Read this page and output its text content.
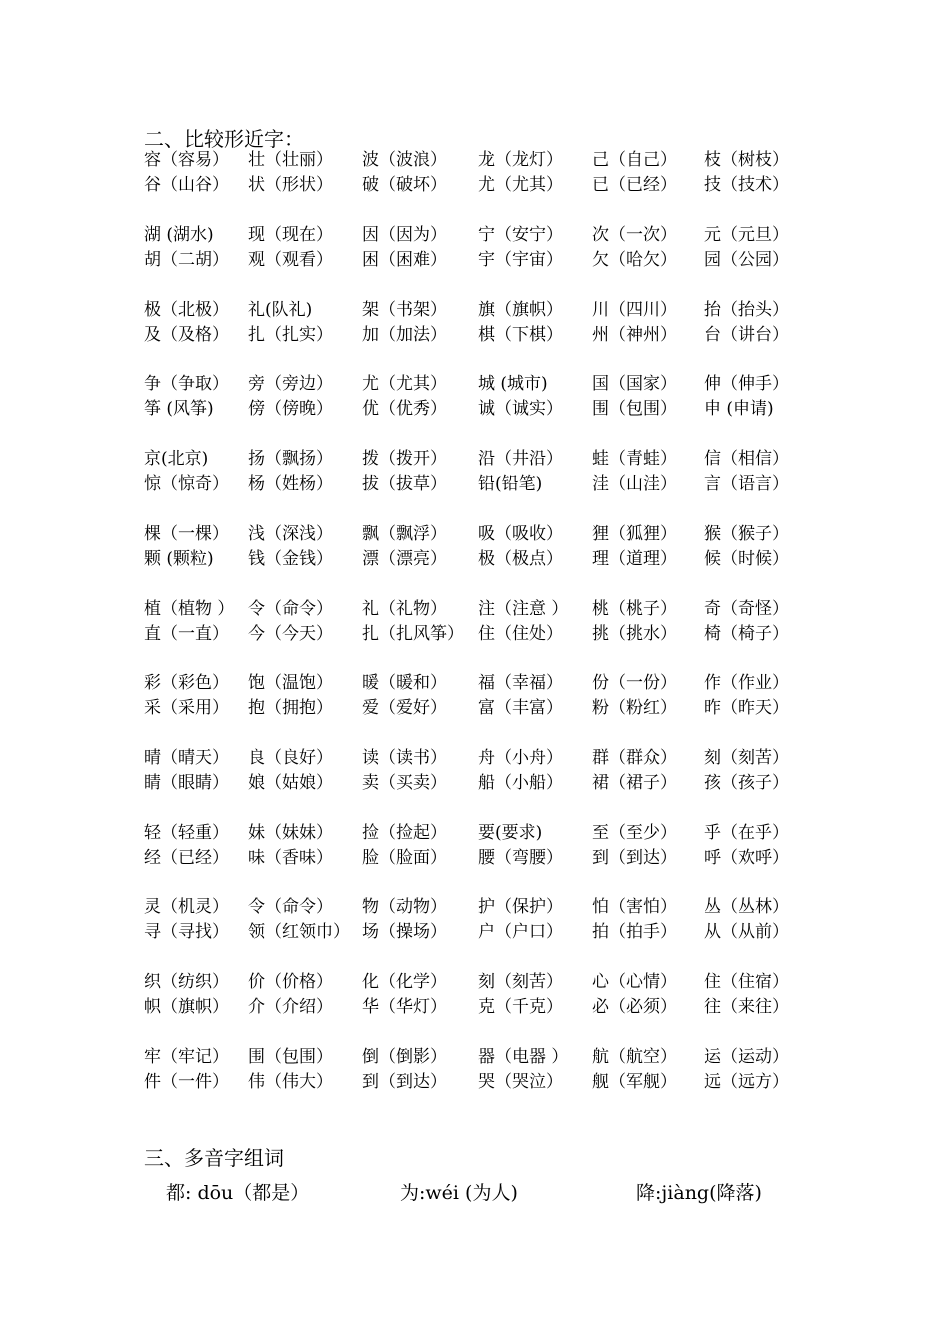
二、比较形近字：
容（容易） 壮（壮丽） 波（波浪） 龙（龙灯） 己（自己） 枝（树枝）
谷（山谷） 状（形状） 破（破坏） 尤（尤其） 已（已经） 技（技术）
湖 (湖水) 现（现在） 因（因为） 宁（安宁） 次（一次） 元（元旦）
胡（二胡） 观（观看） 困（困难） 宇（宇宙） 欠（哈欠） 园（公园）
极（北极） 礼(队礼)	架（书架） 旗（旗帜） 川（四川） 抬（抬头）
及（及格） 扎（扎实） 加（加法） 棋（下棋） 州（神州） 台（讲台）
争（争取） 旁（旁边） 尤（尤其） 城 (城市)	国（国家） 伸（伸手）
筝 (风筝) 傍（傍晚） 优（优秀） 诚（诚实） 围（包围） 申 (申请)
京(北京) 扬（飘扬） 拨（拨开） 沿（井沿） 蛙（青蛙） 信（相信）
惊（惊奇） 杨（姓杨） 拔（拔草） 铅(铅笔)	洼（山洼） 言（语言）
棵（一棵） 浅（深浅） 飘（飘浮） 吸（吸收） 狸（狐狸） 猴（猴子）
颗 (颗粒) 钱（金钱） 漂（漂亮） 极（极点） 理（道理） 候（时候）
植（植物 ） 令（命令） 礼（礼物） 注（注意 ） 桃（桃子） 奇（奇怪）
直（一直） 今（今天） 扎（扎风筝） 住（住处） 挑（挑水） 椅（椅子）
彩（彩色） 饱（温饱） 暖（暖和） 福（幸福） 份（一份） 作（作业）
采（采用） 抱（拥抱） 爱（爱好） 富（丰富） 粉（粉红） 昨（昨天）
晴（晴天） 良（良好） 读（读书） 舟（小舟） 群（群众） 刻（刻苦）
睛（眼睛） 娘（姑娘） 卖（买卖） 船（小船） 裙（裙子） 孩（孩子）
轻（轻重） 妹（妹妹） 捡（捡起） 要(要求)	至（至少） 乎（在乎）
经（已经） 味（香味） 脸（脸面） 腰（弯腰） 到（到达） 呼（欢呼）
灵（机灵） 令（命令） 物（动物） 护（保护） 怕（害怕） 丛（丛林）
寻（寻找） 领（红领巾） 场（操场） 户（户口） 拍（拍手） 从（从前）
织（纺织） 价（价格） 化（化学） 刻（刻苦） 心（心情） 住（住宿）
帜（旗帜） 介（介绍） 华（华灯） 克（千克） 必（必须） 往（来往）
牢（牢记） 围（包围） 倒（倒影） 器（电器 ） 航（航空） 运（运动）
件（一件） 伟（伟大） 到（到达） 哭（哭泣） 舰（军舰） 远（远方）
三、多音字组词
都: dōu（都是）	为:wéi (为人)	降:jiàng(降落)
